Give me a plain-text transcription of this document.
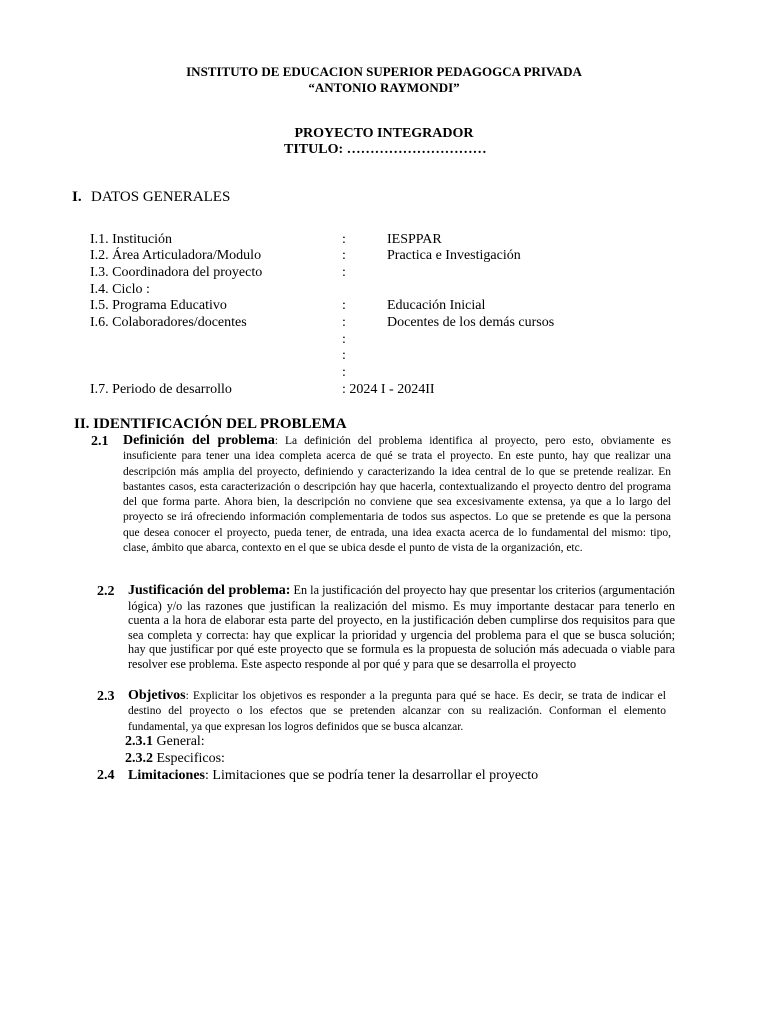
INSTITUTO DE EDUCACION SUPERIOR PEDAGOGCA PRIVADA
“ANTONIO RAYMONDI”
PROYECTO INTEGRADOR
TITULO: …………………………
I. DATOS GENERALES
I.1. Institución	:	IESPPAR
I.2. Área Articuladora/Modulo	:	Practica e Investigación
I.3. Coordinadora del proyecto	:
I.4. Ciclo :
I.5. Programa Educativo	:	Educación Inicial
I.6. Colaboradores/docentes	:	Docentes de los demás cursos
:
:
:
I.7. Periodo de desarrollo	: 2024 I - 2024II
II. IDENTIFICACIÓN DEL PROBLEMA
2.1 Definición del problema: La definición del problema identifica al proyecto, pero esto, obviamente es insuficiente para tener una idea completa acerca de qué se trata el proyecto. En este punto, hay que realizar una descripción más amplia del proyecto, definiendo y caracterizando la idea central de lo que se pretende realizar. En bastantes casos, esta caracterización o descripción hay que hacerla, contextualizando el proyecto dentro del programa del que forma parte. Ahora bien, la descripción no conviene que sea excesivamente extensa, ya que a lo largo del proyecto se irá ofreciendo información complementaria de todos sus aspectos. Lo que se pretende es que la persona que desea conocer el proyecto, pueda tener, de entrada, una idea exacta acerca de lo fundamental del mismo: tipo, clase, ámbito que abarca, contexto en el que se ubica desde el punto de vista de la organización, etc.
2.2 Justificación del problema: En la justificación del proyecto hay que presentar los criterios (argumentación lógica) y/o las razones que justifican la realización del mismo. Es muy importante destacar para tenerlo en cuenta a la hora de elaborar esta parte del proyecto, en la justificación deben cumplirse dos requisitos para que sea completa y correcta: hay que explicar la prioridad y urgencia del problema para el que se busca solución; hay que justificar por qué este proyecto que se formula es la propuesta de solución más adecuada o viable para resolver ese problema. Este aspecto responde al por qué y para que se desarrolla el proyecto
2.3 Objetivos: Explicitar los objetivos es responder a la pregunta para qué se hace. Es decir, se trata de indicar el destino del proyecto o los efectos que se pretenden alcanzar con su realización. Conforman el elemento fundamental, ya que expresan los logros definidos que se busca alcanzar.
2.3.1 General:
2.3.2 Especificos:
2.4 Limitaciones: Limitaciones que se podría tener la desarrollar el proyecto
